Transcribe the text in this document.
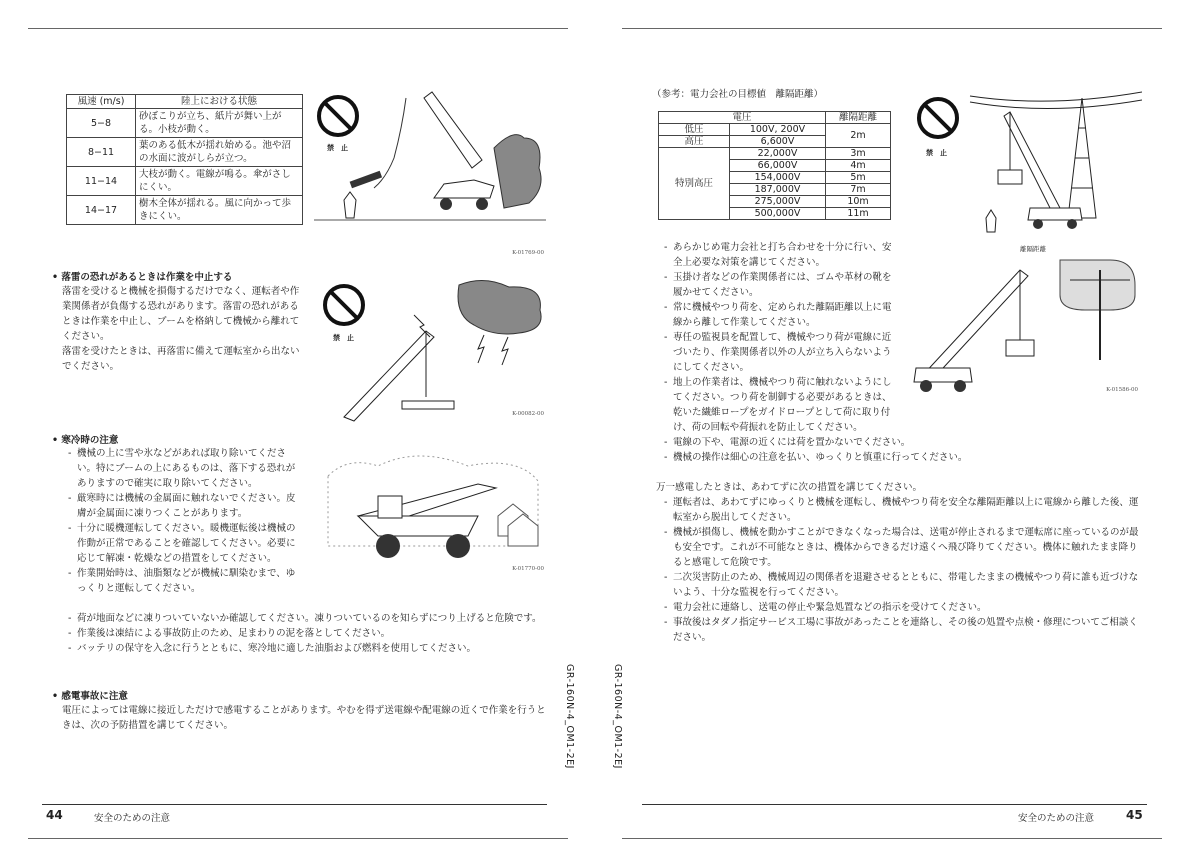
風速 (m/s)	陸上における状態
5−8	砂ぼこりが立ち、紙片が舞い上がる。小枝が動く。
8−11	葉のある低木が揺れ始める。池や沼の水面に波がしらが立つ。
11−14	大枝が動く。電線が鳴る。傘がさしにくい。
14−17	樹木全体が揺れる。風に向かって歩きにくい。
禁　止
K-01769-00
• 落雷の恐れがあるときは作業を中止する

落雷を受けると機械を損傷するだけでなく、運転者や作業関係者が負傷する恐れがあります。落雷の恐れがあるときは作業を中止し、ブームを格納して機械から離れてください。

落雷を受けたときは、再落雷に備えて運転室から出ないでください。

禁　止
K-00082-00
• 寒冷時の注意
- 機械の上に雪や氷などがあれば取り除いてください。特にブームの上にあるものは、落下する恐れがありますので確実に取り除いてください。
- 厳寒時には機械の金属面に触れないでください。皮膚が金属面に凍りつくことがあります。
- 十分に暖機運転してください。暖機運転後は機械の作動が正常であることを確認してください。必要に応じて解凍・乾燥などの措置をしてください。
- 作業開始時は、油脂類などが機械に馴染むまで、ゆっくりと運転してください。
- 荷が地面などに凍りついていないか確認してください。凍りついているのを知らずにつり上げると危険です。
- 作業後は凍結による事故防止のため、足まわりの泥を落としてください。
- バッテリの保守を入念に行うとともに、寒冷地に適した油脂および燃料を使用してください。
K-01770-00
• 感電事故に注意
電圧によっては電線に接近しただけで感電することがあります。やむを得ず送電線や配電線の近くで作業を行うときは、次の予防措置を講じてください。	GR-160N-4_OM1-2EJ	GR-160N-4_OM1-2EJ
44	安全のための注意
（参考：電力会社の目標値　離隔距離）
電圧		離隔距離
低圧	100V, 200V	2m
高圧	6,600V	
特別高圧	22,000V	3m
	66,000V	4m
	154,000V	5m
	187,000V	7m
	275,000V	10m
	500,000V	11m
禁　止
離隔距離
K-01586-00
- あらかじめ電力会社と打ち合わせを十分に行い、安全上必要な対策を講じてください。
- 玉掛け者などの作業関係者には、ゴムや革材の靴を履かせてください。
- 常に機械やつり荷を、定められた離隔距離以上に電線から離して作業してください。
- 専任の監視員を配置して、機械やつり荷が電線に近づいたり、作業関係者以外の人が立ち入らないようにしてください。
- 地上の作業者は、機械やつり荷に触れないようにしてください。つり荷を制御する必要があるときは、乾いた繊維ロープをガイドロープとして荷に取り付け、荷の回転や荷振れを防止してください。
- 電線の下や、電源の近くには荷を置かないでください。
- 機械の操作は細心の注意を払い、ゆっくりと慎重に行ってください。
万一感電したときは、あわてずに次の措置を講じてください。
- 運転者は、あわてずにゆっくりと機械を運転し、機械やつり荷を安全な離隔距離以上に電線から離した後、運転室から脱出してください。
- 機械が損傷し、機械を動かすことができなくなった場合は、送電が停止されるまで運転席に座っているのが最も安全です。これが不可能なときは、機体からできるだけ遠くへ飛び降りてください。機体に触れたまま降りると感電して危険です。
- 二次災害防止のため、機械周辺の関係者を退避させるとともに、帯電したままの機械やつり荷に誰も近づけないよう、十分な監視を行ってください。
- 電力会社に連絡し、送電の停止や緊急処置などの指示を受けてください。
- 事故後はタダノ指定サービス工場に事故があったことを連絡し、その後の処置や点検・修理についてご相談ください。
安全のための注意	45
